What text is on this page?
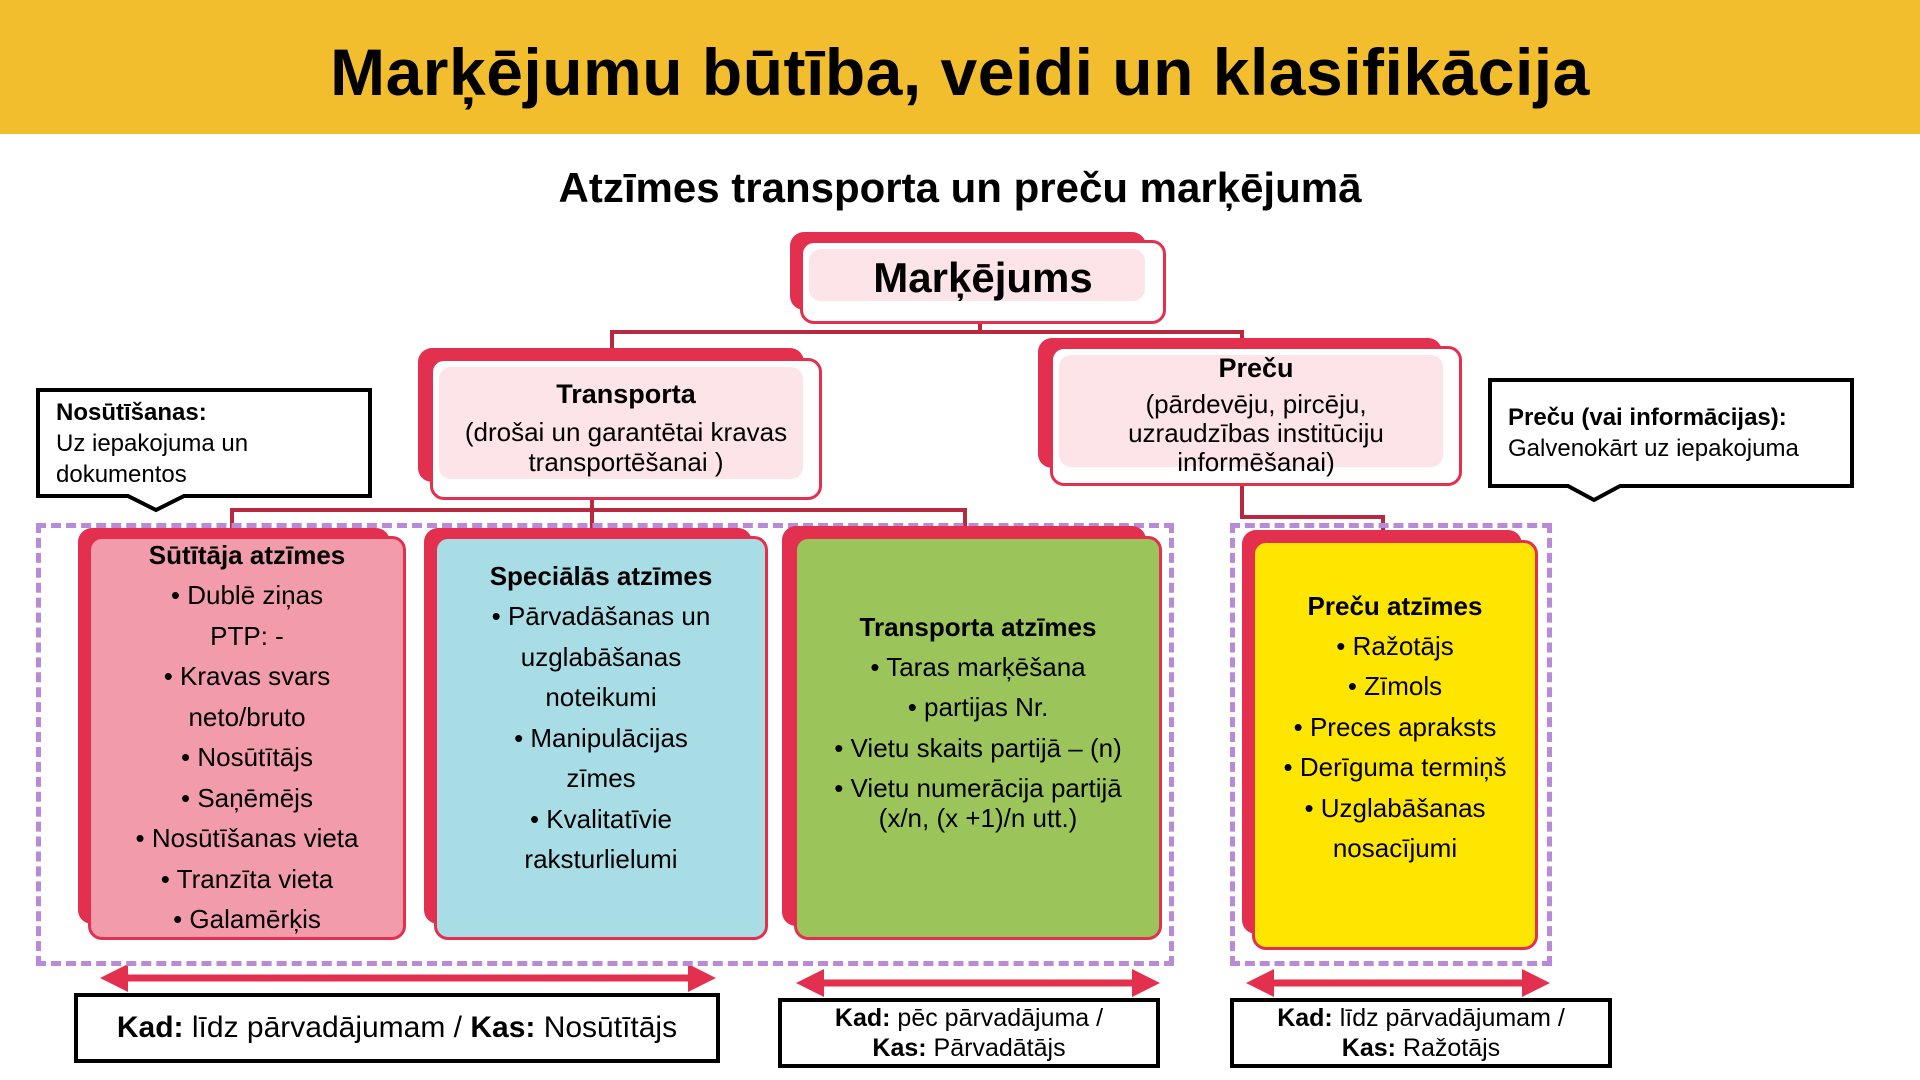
Marķējumu būtība, veidi un klasifikācija
Atzīmes transporta un preču marķējumā
Marķējums
Transporta
(drošai un garantētai kravas transportēšanai )
Preču
(pārdevēju, pircēju, uzraudzības institūciju informēšanai)
Nosūtīšanas:
Uz iepakojuma un dokumentos
Preču (vai informācijas):
Galvenokārt uz iepakojuma
Sūtītāja atzīmes
• Dublē ziņas
PTP: -
• Kravas svars
neto/bruto
• Nosūtītājs
• Saņēmējs
• Nosūtīšanas vieta
• Tranzīta vieta
• Galamērķis
Speciālās atzīmes
• Pārvadāšanas un
uzglabāšanas
noteikumi
• Manipulācijas
zīmes
• Kvalitatīvie
raksturlielumi
Transporta atzīmes
• Taras marķēšana
• partijas Nr.
• Vietu skaits partijā – (n)
• Vietu numerācija partijā
(x/n, (x +1)/n utt.)
Preču atzīmes
• Ražotājs
• Zīmols
• Preces apraksts
• Derīguma termiņš
• Uzglabāšanas
nosacījumi
Kad: līdz pārvadājumam / Kas: Nosūtītājs	Kad: pēc pārvadājuma /
Kas: Pārvadātājs
Kad: līdz pārvadājumam /
Kas: Ražotājs
